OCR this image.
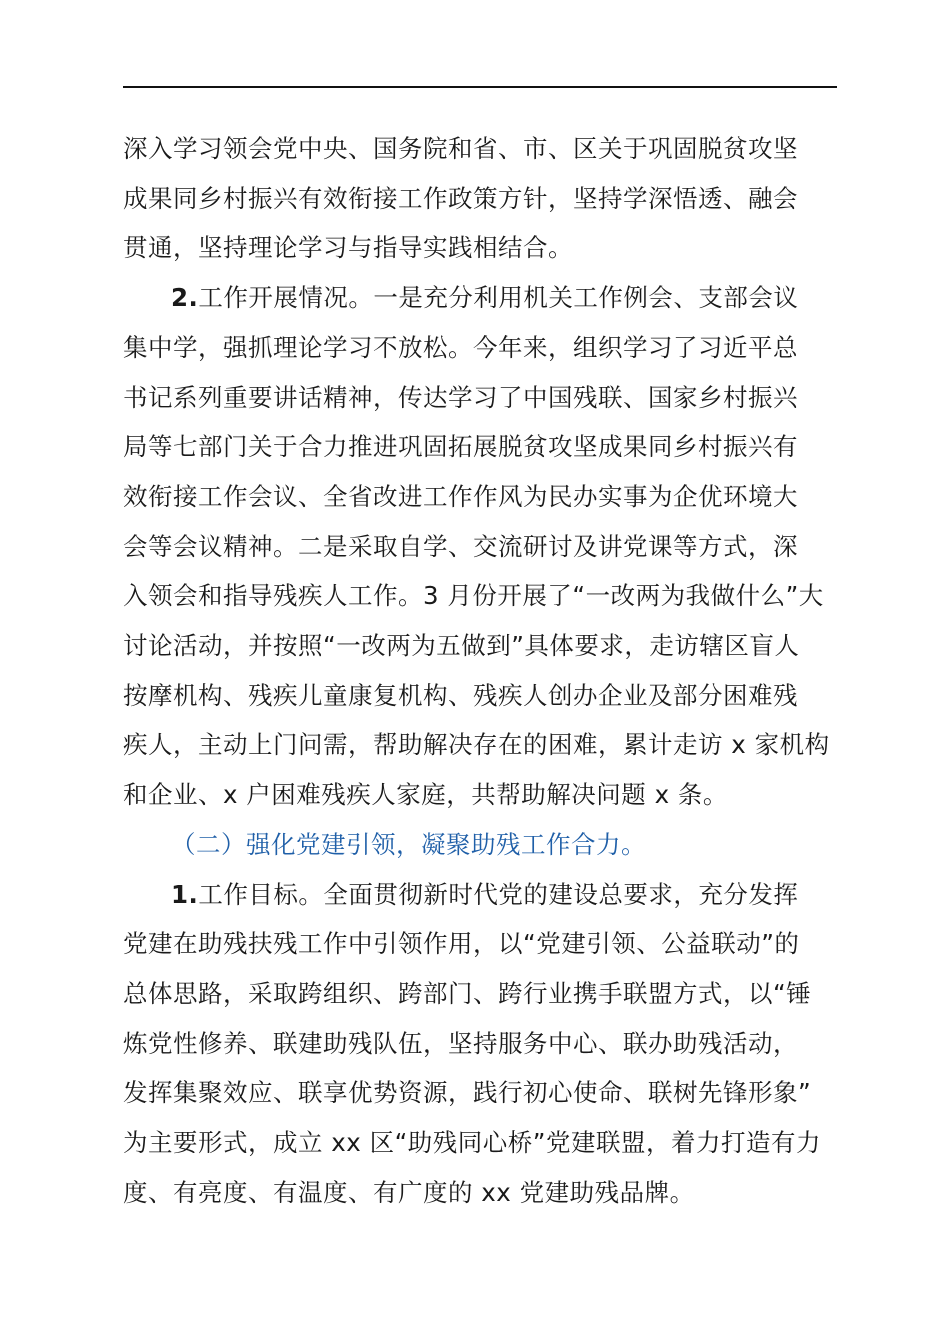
深入学习领会党中央、国务院和省、市、区关于巩固脱贫攻坚
成果同乡村振兴有效衔接工作政策方针，坚持学深悟透、融会
贯通，坚持理论学习与指导实践相结合。

2.工作开展情况。一是充分利用机关工作例会、支部会议
集中学，强抓理论学习不放松。今年来，组织学习了习近平总
书记系列重要讲话精神，传达学习了中国残联、国家乡村振兴
局等七部门关于合力推进巩固拓展脱贫攻坚成果同乡村振兴有
效衔接工作会议、全省改进工作作风为民办实事为企优环境大
会等会议精神。二是采取自学、交流研讨及讲党课等方式，深
入领会和指导残疾人工作。3 月份开展了“一改两为我做什么”大
讨论活动，并按照“一改两为五做到”具体要求，走访辖区盲人
按摩机构、残疾儿童康复机构、残疾人创办企业及部分困难残
疾人，主动上门问需，帮助解决存在的困难，累计走访 x 家机构
和企业、x 户困难残疾人家庭，共帮助解决问题 x 条。

（二）强化党建引领，凝聚助残工作合力。

1.工作目标。全面贯彻新时代党的建设总要求，充分发挥
党建在助残扶残工作中引领作用，以“党建引领、公益联动”的
总体思路，采取跨组织、跨部门、跨行业携手联盟方式，以“锤
炼党性修养、联建助残队伍，坚持服务中心、联办助残活动，
发挥集聚效应、联享优势资源，践行初心使命、联树先锋形象”
为主要形式，成立 xx 区“助残同心桥”党建联盟，着力打造有力
度、有亮度、有温度、有广度的 xx 党建助残品牌。
